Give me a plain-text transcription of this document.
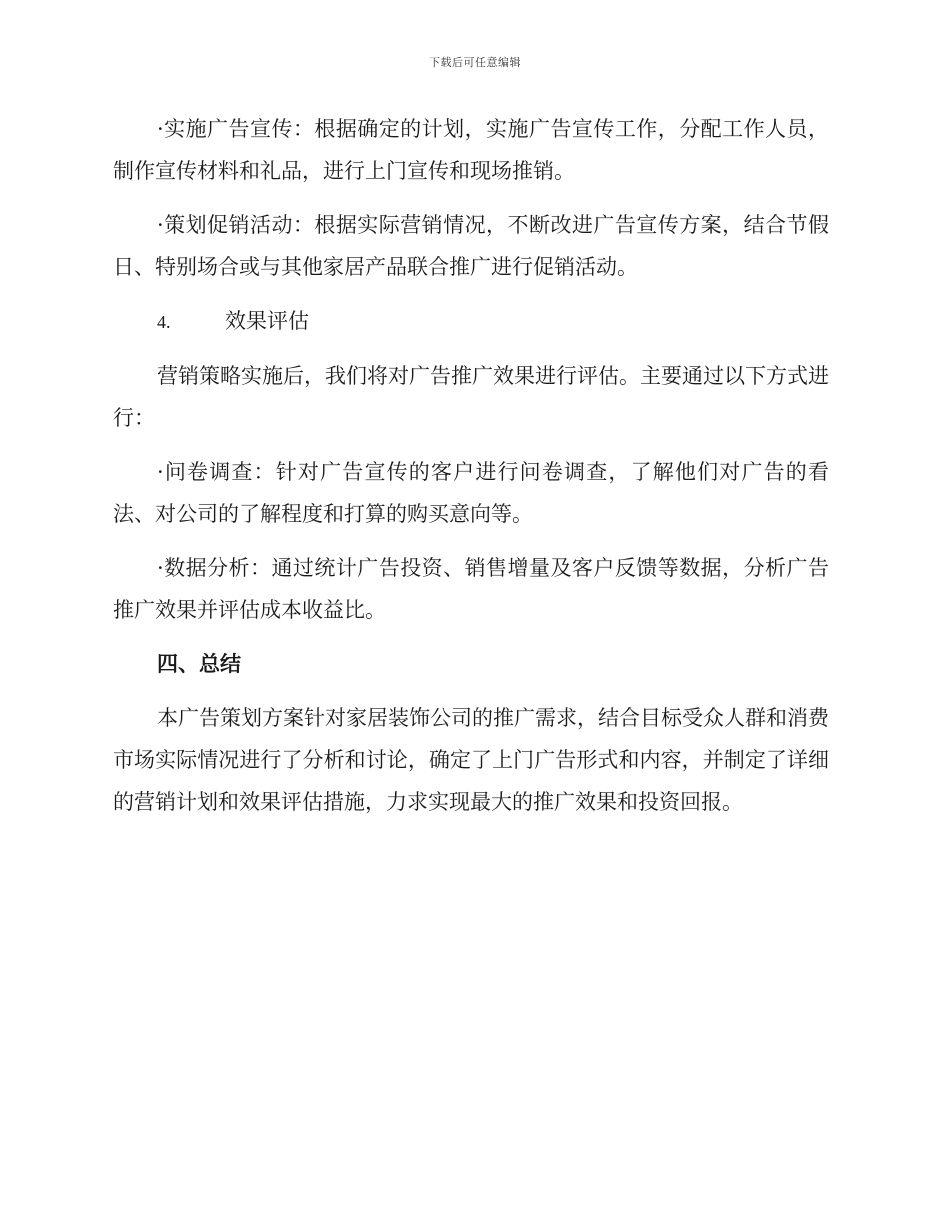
下载后可任意编辑

·实施广告宣传：根据确定的计划，实施广告宣传工作，分配工作人员，制作宣传材料和礼品，进行上门宣传和现场推销。

·策划促销活动：根据实际营销情况，不断改进广告宣传方案，结合节假日、特别场合或与其他家居产品联合推广进行促销活动。

4.	效果评估

营销策略实施后，我们将对广告推广效果进行评估。主要通过以下方式进行：

·问卷调查：针对广告宣传的客户进行问卷调查，了解他们对广告的看法、对公司的了解程度和打算的购买意向等。

·数据分析：通过统计广告投资、销售增量及客户反馈等数据，分析广告推广效果并评估成本收益比。

四、总结

本广告策划方案针对家居装饰公司的推广需求，结合目标受众人群和消费市场实际情况进行了分析和讨论，确定了上门广告形式和内容，并制定了详细的营销计划和效果评估措施，力求实现最大的推广效果和投资回报。
